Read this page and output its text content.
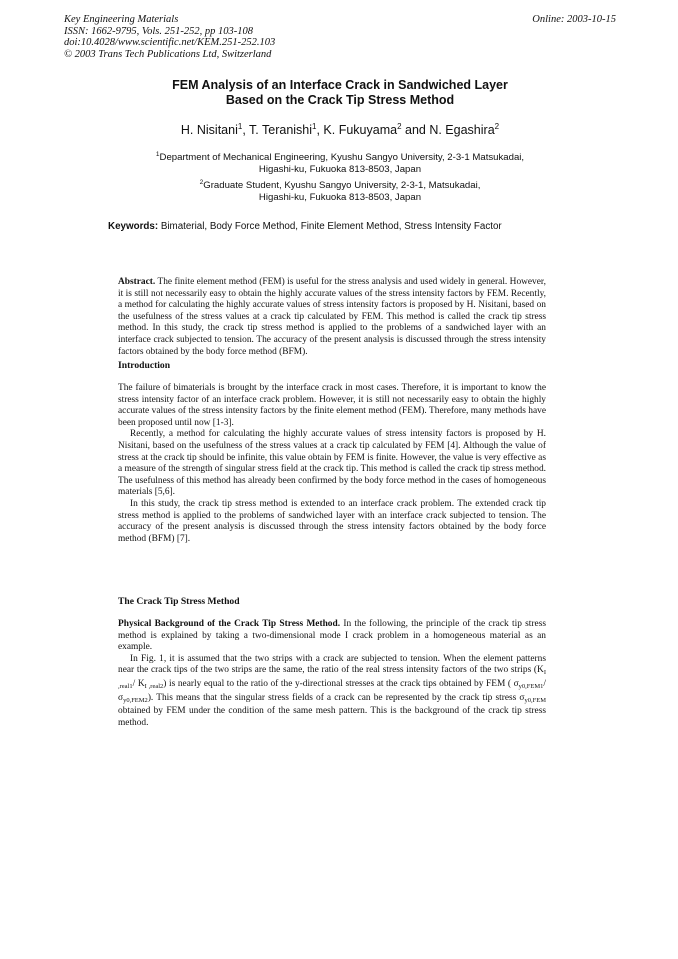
Key Engineering Materials
ISSN: 1662-9795, Vols. 251-252, pp 103-108
doi:10.4028/www.scientific.net/KEM.251-252.103
© 2003 Trans Tech Publications Ltd, Switzerland
Online: 2003-10-15
FEM Analysis of an Interface Crack in Sandwiched Layer
Based on the Crack Tip Stress Method
H. Nisitani$^1$, T. Teranishi$^1$, K. Fukuyama$^2$ and N. Egashira$^2$
$^1$Department of Mechanical Engineering, Kyushu Sangyo University, 2-3-1 Matsukadai,
Higashi-ku, Fukuoka 813-8503, Japan
$^2$Graduate Student, Kyushu Sangyo University, 2-3-1, Matsukadai,
Higashi-ku, Fukuoka 813-8503, Japan
Keywords: Bimaterial, Body Force Method, Finite Element Method, Stress Intensity Factor

Abstract. The finite element method (FEM) is useful for the stress analysis and used widely in general. However, it is still not necessarily easy to obtain the highly accurate values of the stress intensity factors by FEM. Recently, a method for calculating the highly accurate values of stress intensity factors is proposed by H. Nisitani, based on the usefulness of the stress values at a crack tip calculated by FEM. This method is called the crack tip stress method. In this study, the crack tip stress method is applied to the problems of a sandwiched layer with an interface crack subjected to tension. The accuracy of the present analysis is discussed through the stress intensity factors obtained by the body force method (BFM).

Introduction

The failure of bimaterials is brought by the interface crack in most cases. Therefore, it is important to know the stress intensity factor of an interface crack problem. However, it is still not necessarily easy to obtain the highly accurate values of the stress intensity factors by the finite element method (FEM). Therefore, many methods have been proposed until now [1-3].

Recently, a method for calculating the highly accurate values of stress intensity factors is proposed by H. Nisitani, based on the usefulness of the stress values at a crack tip calculated by FEM [4]. Although the value of stress at the crack tip should be infinite, this value obtain by FEM is finite. However, the value is very effective as a measure of the strength of singular stress field at the crack tip. This method is called the crack tip stress method. The usefulness of this method has already been confirmed by the body force method in the cases of homogeneous materials [5,6].

In this study, the crack tip stress method is extended to an interface crack problem. The extended crack tip stress method is applied to the problems of sandwiched layer with an interface crack subjected to tension. The accuracy of the present analysis is discussed through the stress intensity factors obtained by the body force method (BFM) [7].

The Crack Tip Stress Method

Physical Background of the Crack Tip Stress Method. In the following, the principle of the crack tip stress method is explained by taking a two-dimensional mode I crack problem in a homogeneous material as an example.

In Fig. 1, it is assumed that the two strips with a crack are subjected to tension. When the element patterns near the crack tips of the two strips are the same, the ratio of the real stress intensity factors of the two strips ($K_{I ,real1}/$ $K_{I ,real2}$) is nearly equal to the ratio of the y-directional stresses at the crack tips obtained by FEM ( $\sigma_{y0,FEM1}/$ $\sigma_{y0,FEM2}$). This means that the singular stress fields of a crack can be represented by the crack tip stress $\sigma_{y0,FEM}$ obtained by FEM under the condition of the same mesh pattern. This is the background of the crack tip stress method.
